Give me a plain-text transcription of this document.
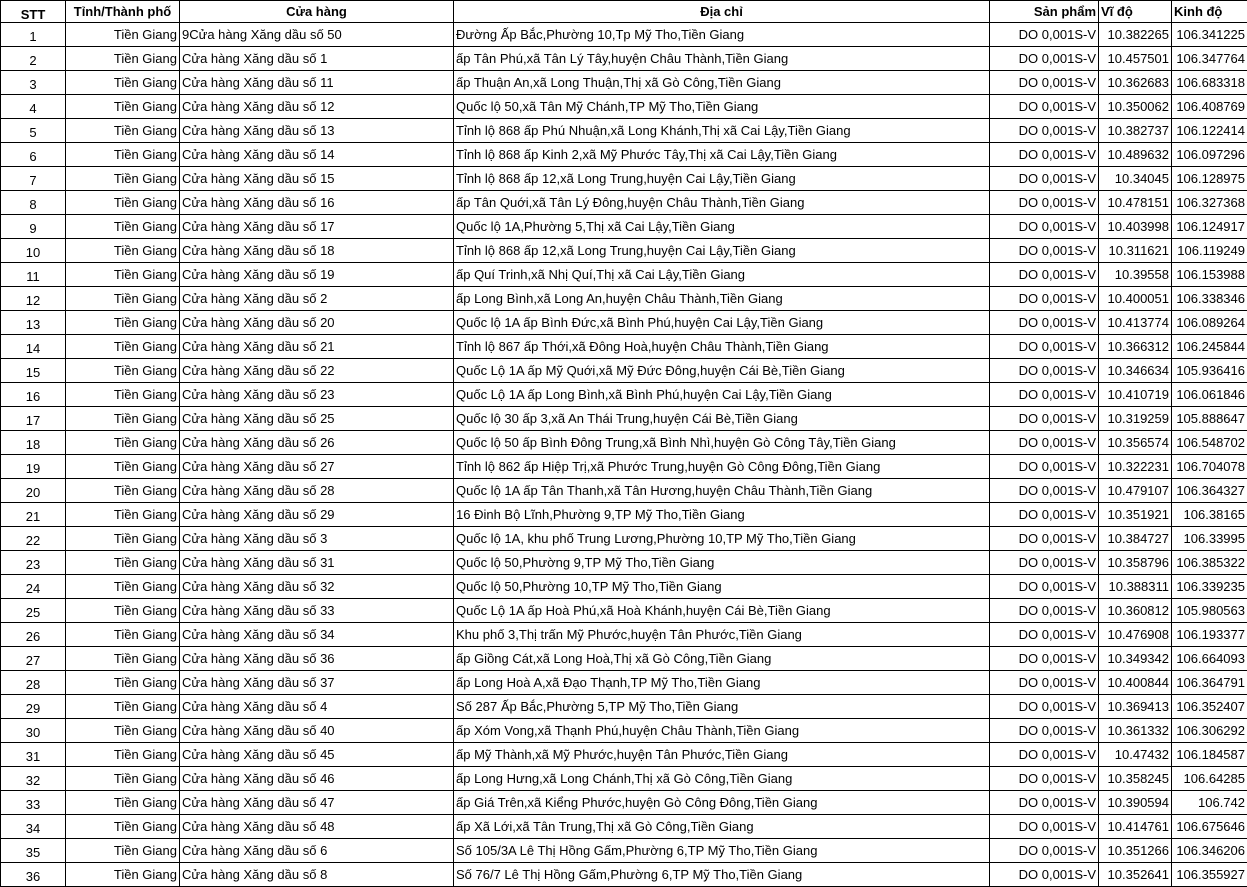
STT	Tỉnh/Thành phố	Cửa hàng	Địa chỉ	Sản phẩm	Vĩ độ	Kinh độ
1	Tiền Giang	9Cửa hàng Xăng dầu số 50	Đường Ấp Bắc,Phường 10,Tp Mỹ Tho,Tiền Giang	DO 0,001S-V	10.382265	106.341225
2	Tiền Giang	Cửa hàng Xăng dầu số 1	ấp Tân Phú,xã Tân Lý Tây,huyện Châu Thành,Tiền Giang	DO 0,001S-V	10.457501	106.347764
3	Tiền Giang	Cửa hàng Xăng dầu số 11	ấp Thuận An,xã Long Thuận,Thị xã Gò Công,Tiền Giang	DO 0,001S-V	10.362683	106.683318
4	Tiền Giang	Cửa hàng Xăng dầu số 12	Quốc lộ 50,xã Tân Mỹ Chánh,TP Mỹ Tho,Tiền Giang	DO 0,001S-V	10.350062	106.408769
5	Tiền Giang	Cửa hàng Xăng dầu số 13	Tỉnh lộ 868 ấp Phú Nhuận,xã Long Khánh,Thị xã Cai Lậy,Tiền Giang	DO 0,001S-V	10.382737	106.122414
6	Tiền Giang	Cửa hàng Xăng dầu số 14	Tỉnh lộ 868 ấp Kinh 2,xã Mỹ Phước Tây,Thị xã Cai Lậy,Tiền Giang	DO 0,001S-V	10.489632	106.097296
7	Tiền Giang	Cửa hàng Xăng dầu số 15	Tỉnh lộ 868 ấp 12,xã Long Trung,huyện Cai Lậy,Tiền Giang	DO 0,001S-V	10.34045	106.128975
8	Tiền Giang	Cửa hàng Xăng dầu số 16	ấp Tân Quới,xã Tân Lý Đông,huyện Châu Thành,Tiền Giang	DO 0,001S-V	10.478151	106.327368
9	Tiền Giang	Cửa hàng Xăng dầu số 17	Quốc lộ 1A,Phường 5,Thị xã Cai Lậy,Tiền Giang	DO 0,001S-V	10.403998	106.124917
10	Tiền Giang	Cửa hàng Xăng dầu số 18	Tỉnh lộ 868 ấp 12,xã Long Trung,huyện Cai Lậy,Tiền Giang	DO 0,001S-V	10.311621	106.119249
11	Tiền Giang	Cửa hàng Xăng dầu số 19	ấp Quí Trinh,xã Nhị Quí,Thị xã Cai Lậy,Tiền Giang	DO 0,001S-V	10.39558	106.153988
12	Tiền Giang	Cửa hàng Xăng dầu số 2	ấp Long Bình,xã Long An,huyện Châu Thành,Tiền Giang	DO 0,001S-V	10.400051	106.338346
13	Tiền Giang	Cửa hàng Xăng dầu số 20	Quốc lộ 1A ấp Bình Đức,xã Bình Phú,huyện Cai Lậy,Tiền Giang	DO 0,001S-V	10.413774	106.089264
14	Tiền Giang	Cửa hàng Xăng dầu số 21	Tỉnh lộ 867 ấp Thới,xã Đông Hoà,huyện Châu Thành,Tiền Giang	DO 0,001S-V	10.366312	106.245844
15	Tiền Giang	Cửa hàng Xăng dầu số 22	Quốc Lộ 1A ấp Mỹ Quới,xã Mỹ Đức Đông,huyện Cái Bè,Tiền Giang	DO 0,001S-V	10.346634	105.936416
16	Tiền Giang	Cửa hàng Xăng dầu số 23	Quốc Lộ 1A ấp Long Bình,xã Bình Phú,huyện Cai Lậy,Tiền Giang	DO 0,001S-V	10.410719	106.061846
17	Tiền Giang	Cửa hàng Xăng dầu số 25	Quốc lộ 30 ấp 3,xã An Thái Trung,huyện Cái Bè,Tiền Giang	DO 0,001S-V	10.319259	105.888647
18	Tiền Giang	Cửa hàng Xăng dầu số 26	Quốc lộ 50 ấp Bình Đông Trung,xã Bình Nhì,huyện Gò Công Tây,Tiền Giang	DO 0,001S-V	10.356574	106.548702
19	Tiền Giang	Cửa hàng Xăng dầu số 27	Tỉnh lộ 862 ấp Hiệp Trị,xã Phước Trung,huyện Gò Công Đông,Tiền Giang	DO 0,001S-V	10.322231	106.704078
20	Tiền Giang	Cửa hàng Xăng dầu số 28	Quốc lộ 1A ấp Tân Thanh,xã Tân Hương,huyện Châu Thành,Tiền Giang	DO 0,001S-V	10.479107	106.364327
21	Tiền Giang	Cửa hàng Xăng dầu số 29	16 Đinh Bộ Lĩnh,Phường 9,TP Mỹ Tho,Tiền Giang	DO 0,001S-V	10.351921	106.38165
22	Tiền Giang	Cửa hàng Xăng dầu số 3	Quốc lộ 1A, khu phố Trung Lương,Phường 10,TP Mỹ Tho,Tiền Giang	DO 0,001S-V	10.384727	106.33995
23	Tiền Giang	Cửa hàng Xăng dầu số 31	Quốc lộ 50,Phường 9,TP Mỹ Tho,Tiền Giang	DO 0,001S-V	10.358796	106.385322
24	Tiền Giang	Cửa hàng Xăng dầu số 32	Quốc lộ 50,Phường 10,TP Mỹ Tho,Tiền Giang	DO 0,001S-V	10.388311	106.339235
25	Tiền Giang	Cửa hàng Xăng dầu số 33	Quốc Lộ 1A ấp Hoà Phú,xã Hoà Khánh,huyện Cái Bè,Tiền Giang	DO 0,001S-V	10.360812	105.980563
26	Tiền Giang	Cửa hàng Xăng dầu số 34	Khu phố 3,Thị trấn Mỹ Phước,huyện Tân Phước,Tiền Giang	DO 0,001S-V	10.476908	106.193377
27	Tiền Giang	Cửa hàng Xăng dầu số 36	ấp Giồng Cát,xã Long Hoà,Thị xã Gò Công,Tiền Giang	DO 0,001S-V	10.349342	106.664093
28	Tiền Giang	Cửa hàng Xăng dầu số 37	ấp Long Hoà A,xã Đạo Thạnh,TP Mỹ Tho,Tiền Giang	DO 0,001S-V	10.400844	106.364791
29	Tiền Giang	Cửa hàng Xăng dầu số 4	Số 287 Ấp Bắc,Phường 5,TP Mỹ Tho,Tiền Giang	DO 0,001S-V	10.369413	106.352407
30	Tiền Giang	Cửa hàng Xăng dầu số 40	ấp Xóm Vong,xã Thạnh Phú,huyện Châu Thành,Tiền Giang	DO 0,001S-V	10.361332	106.306292
31	Tiền Giang	Cửa hàng Xăng dầu số 45	ấp Mỹ Thành,xã Mỹ Phước,huyện Tân Phước,Tiền Giang	DO 0,001S-V	10.47432	106.184587
32	Tiền Giang	Cửa hàng Xăng dầu số 46	ấp Long Hưng,xã Long Chánh,Thị xã Gò Công,Tiền Giang	DO 0,001S-V	10.358245	106.64285
33	Tiền Giang	Cửa hàng Xăng dầu số 47	ấp Giá Trên,xã Kiểng Phước,huyện Gò Công Đông,Tiền Giang	DO 0,001S-V	10.390594	106.742
34	Tiền Giang	Cửa hàng Xăng dầu số 48	ấp Xã Lới,xã Tân Trung,Thị xã Gò Công,Tiền Giang	DO 0,001S-V	10.414761	106.675646
35	Tiền Giang	Cửa hàng Xăng dầu số 6	Số 105/3A Lê Thị Hồng Gấm,Phường 6,TP Mỹ Tho,Tiền Giang	DO 0,001S-V	10.351266	106.346206
36	Tiền Giang	Cửa hàng Xăng dầu số 8	Số 76/7 Lê Thị Hồng Gấm,Phường 6,TP Mỹ Tho,Tiền Giang	DO 0,001S-V	10.352641	106.355927
